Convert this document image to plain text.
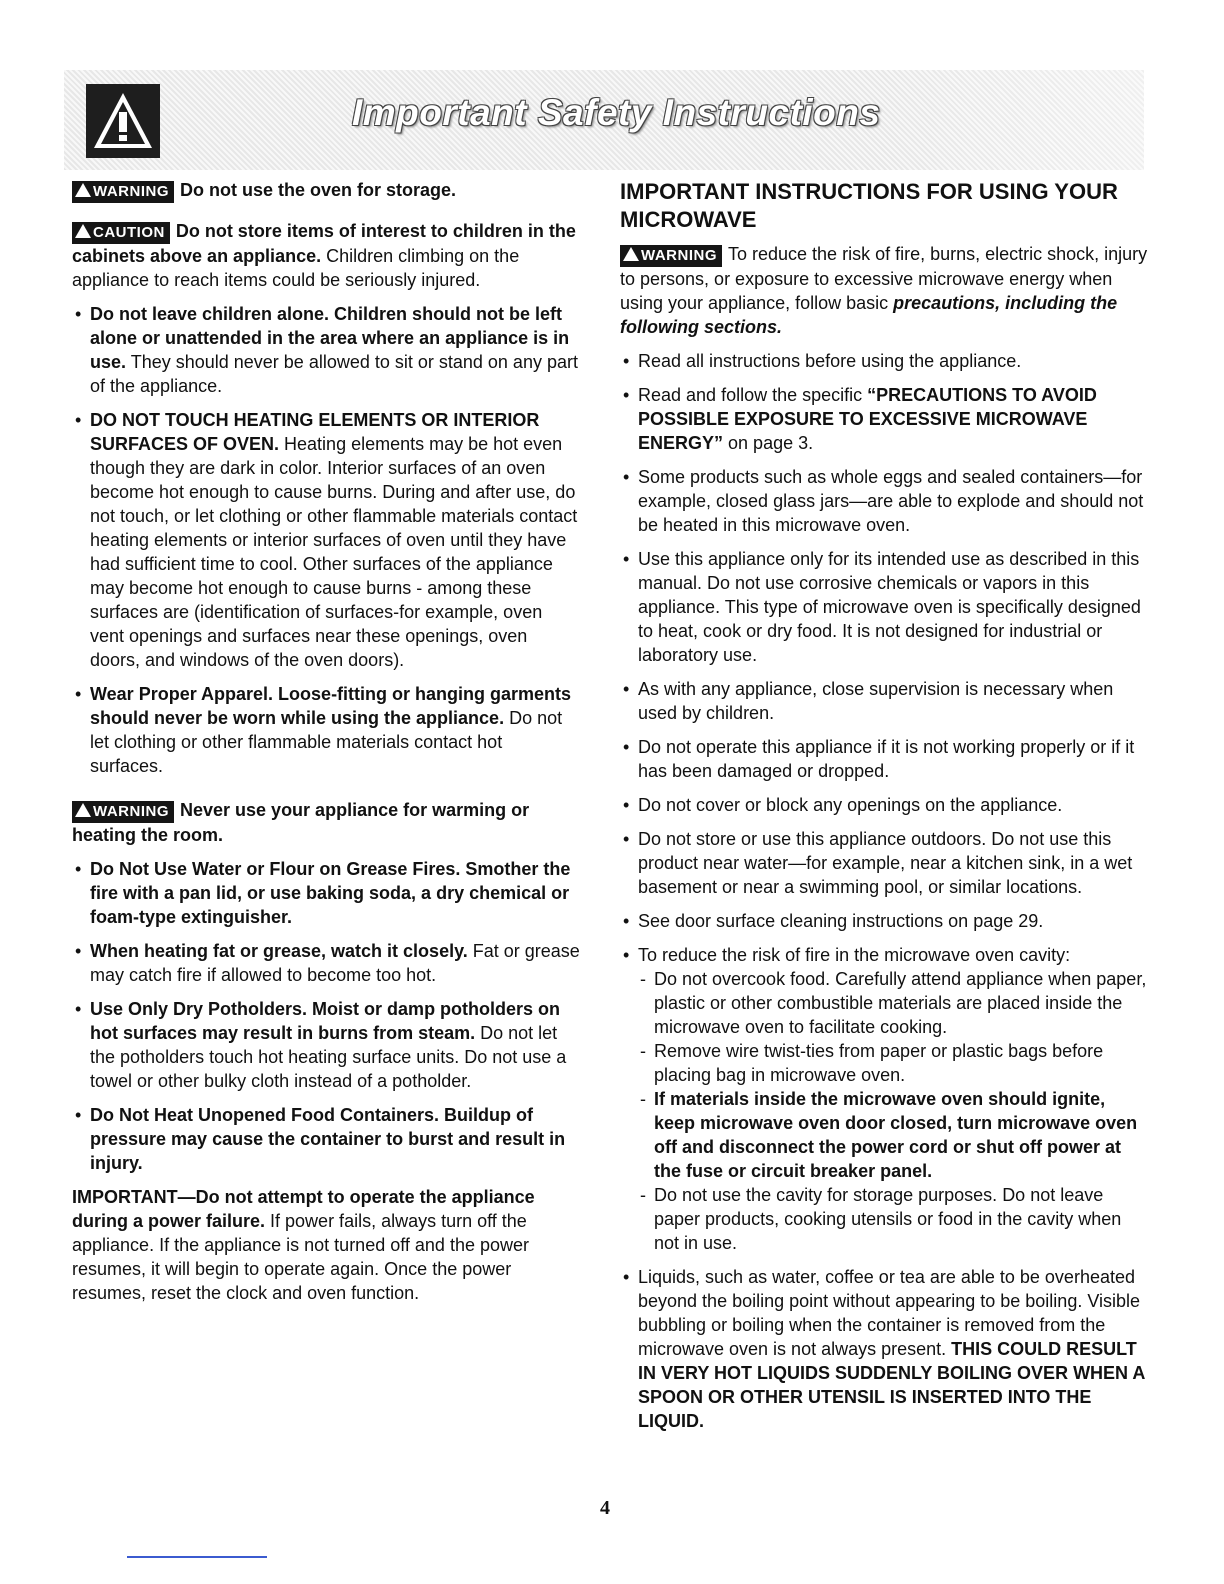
Important Safety Instructions

WARNING Do not use the oven for storage.

CAUTION Do not store items of interest to children in the cabinets above an appliance. Children climbing on the appliance to reach items could be seriously injured.

• Do not leave children alone. Children should not be left alone or unattended in the area where an appliance is in use. They should never be allowed to sit or stand on any part of the appliance.
• DO NOT TOUCH HEATING ELEMENTS OR INTERIOR SURFACES OF OVEN. Heating elements may be hot even though they are dark in color. Interior surfaces of an oven become hot enough to cause burns. During and after use, do not touch, or let clothing or other flammable materials contact heating elements or interior surfaces of oven until they have had sufficient time to cool. Other surfaces of the appliance may become hot enough to cause burns - among these surfaces are (identification of surfaces-for example, oven vent openings and surfaces near these openings, oven doors, and windows of the oven doors).
• Wear Proper Apparel. Loose-fitting or hanging garments should never be worn while using the appliance. Do not let clothing or other flammable materials contact hot surfaces.

WARNING Never use your appliance for warming or heating the room.

• Do Not Use Water or Flour on Grease Fires. Smother the fire with a pan lid, or use baking soda, a dry chemical or foam-type extinguisher.
• When heating fat or grease, watch it closely. Fat or grease may catch fire if allowed to become too hot.
• Use Only Dry Potholders. Moist or damp potholders on hot surfaces may result in burns from steam. Do not let the potholders touch hot heating surface units. Do not use a towel or other bulky cloth instead of a potholder.
• Do Not Heat Unopened Food Containers. Buildup of pressure may cause the container to burst and result in injury.

IMPORTANT—Do not attempt to operate the appliance during a power failure. If power fails, always turn off the appliance. If the appliance is not turned off and the power resumes, it will begin to operate again. Once the power resumes, reset the clock and oven function.

IMPORTANT INSTRUCTIONS FOR USING YOUR MICROWAVE

WARNING To reduce the risk of fire, burns, electric shock, injury to persons, or exposure to excessive microwave energy when using your appliance, follow basic precautions, including the following sections.

• Read all instructions before using the appliance.
• Read and follow the specific “PRECAUTIONS TO AVOID POSSIBLE EXPOSURE TO EXCESSIVE MICROWAVE ENERGY” on page 3.
• Some products such as whole eggs and sealed containers—for example, closed glass jars—are able to explode and should not be heated in this microwave oven.
• Use this appliance only for its intended use as described in this manual. Do not use corrosive chemicals or vapors in this appliance. This type of microwave oven is specifically designed to heat, cook or dry food. It is not designed for industrial or laboratory use.
• As with any appliance, close supervision is necessary when used by children.
• Do not operate this appliance if it is not working properly or if it has been damaged or dropped.
• Do not cover or block any openings on the appliance.
• Do not store or use this appliance outdoors. Do not use this product near water—for example, near a kitchen sink, in a wet basement or near a swimming pool, or similar locations.
• See door surface cleaning instructions on page 29.
• To reduce the risk of fire in the microwave oven cavity:
- Do not overcook food. Carefully attend appliance when paper, plastic or other combustible materials are placed inside the microwave oven to facilitate cooking.
- Remove wire twist-ties from paper or plastic bags before placing bag in microwave oven.
- If materials inside the microwave oven should ignite, keep microwave oven door closed, turn microwave oven off and disconnect the power cord or shut off power at the fuse or circuit breaker panel.
- Do not use the cavity for storage purposes. Do not leave paper products, cooking utensils or food in the cavity when not in use.
• Liquids, such as water, coffee or tea are able to be overheated beyond the boiling point without appearing to be boiling. Visible bubbling or boiling when the container is removed from the microwave oven is not always present. THIS COULD RESULT IN VERY HOT LIQUIDS SUDDENLY BOILING OVER WHEN A SPOON OR OTHER UTENSIL IS INSERTED INTO THE LIQUID.
4
